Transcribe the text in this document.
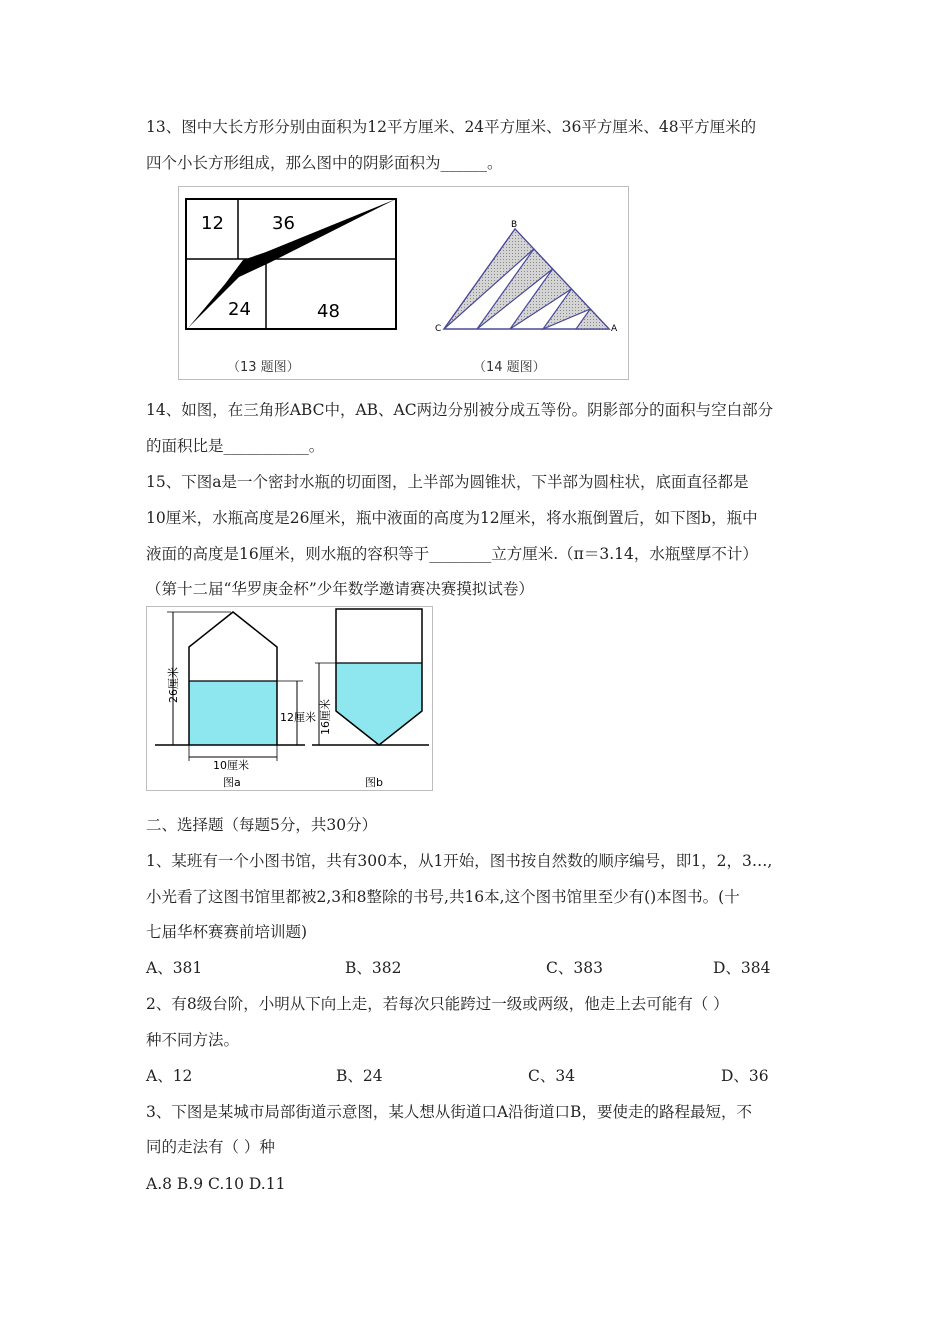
13、图中大长方形分别由面积为12平方厘米、24平方厘米、36平方厘米、48平方厘米的
四个小长方形组成，那么图中的阴影面积为______。
12	36
24	48
（13 题图）
B
C	A
（14 题图）
14、如图，在三角形ABC中，AB、AC两边分别被分成五等份。阴影部分的面积与空白部分
的面积比是___________。
15、下图a是一个密封水瓶的切面图，上半部为圆锥状，下半部为圆柱状，底面直径都是
10厘米，水瓶高度是26厘米，瓶中液面的高度为12厘米，将水瓶倒置后，如下图b，瓶中
液面的高度是16厘米，则水瓶的容积等于________立方厘米.（π＝3.14，水瓶壁厚不计）
（第十二届“华罗庚金杯”少年数学邀请赛决赛摸拟试卷）
26厘米
12厘米
10厘米
图a
16厘米
图b
二、选择题（每题5分，共30分）
1、某班有一个小图书馆，共有300本，从1开始，图书按自然数的顺序编号，即1，2，3…,
小光看了这图书馆里都被2,3和8整除的书号,共16本,这个图书馆里至少有()本图书。(十
七届华杯赛赛前培训题)
A、381	B、382	C、383	D、384
2、有8级台阶，小明从下向上走，若每次只能跨过一级或两级，他走上去可能有（ ）
种不同方法。
A、12	B、24	C、34	D、36
3、下图是某城市局部街道示意图，某人想从街道口A沿街道口B，要使走的路程最短，不
同的走法有（ ）种
A.8 B.9 C.10 D.11
